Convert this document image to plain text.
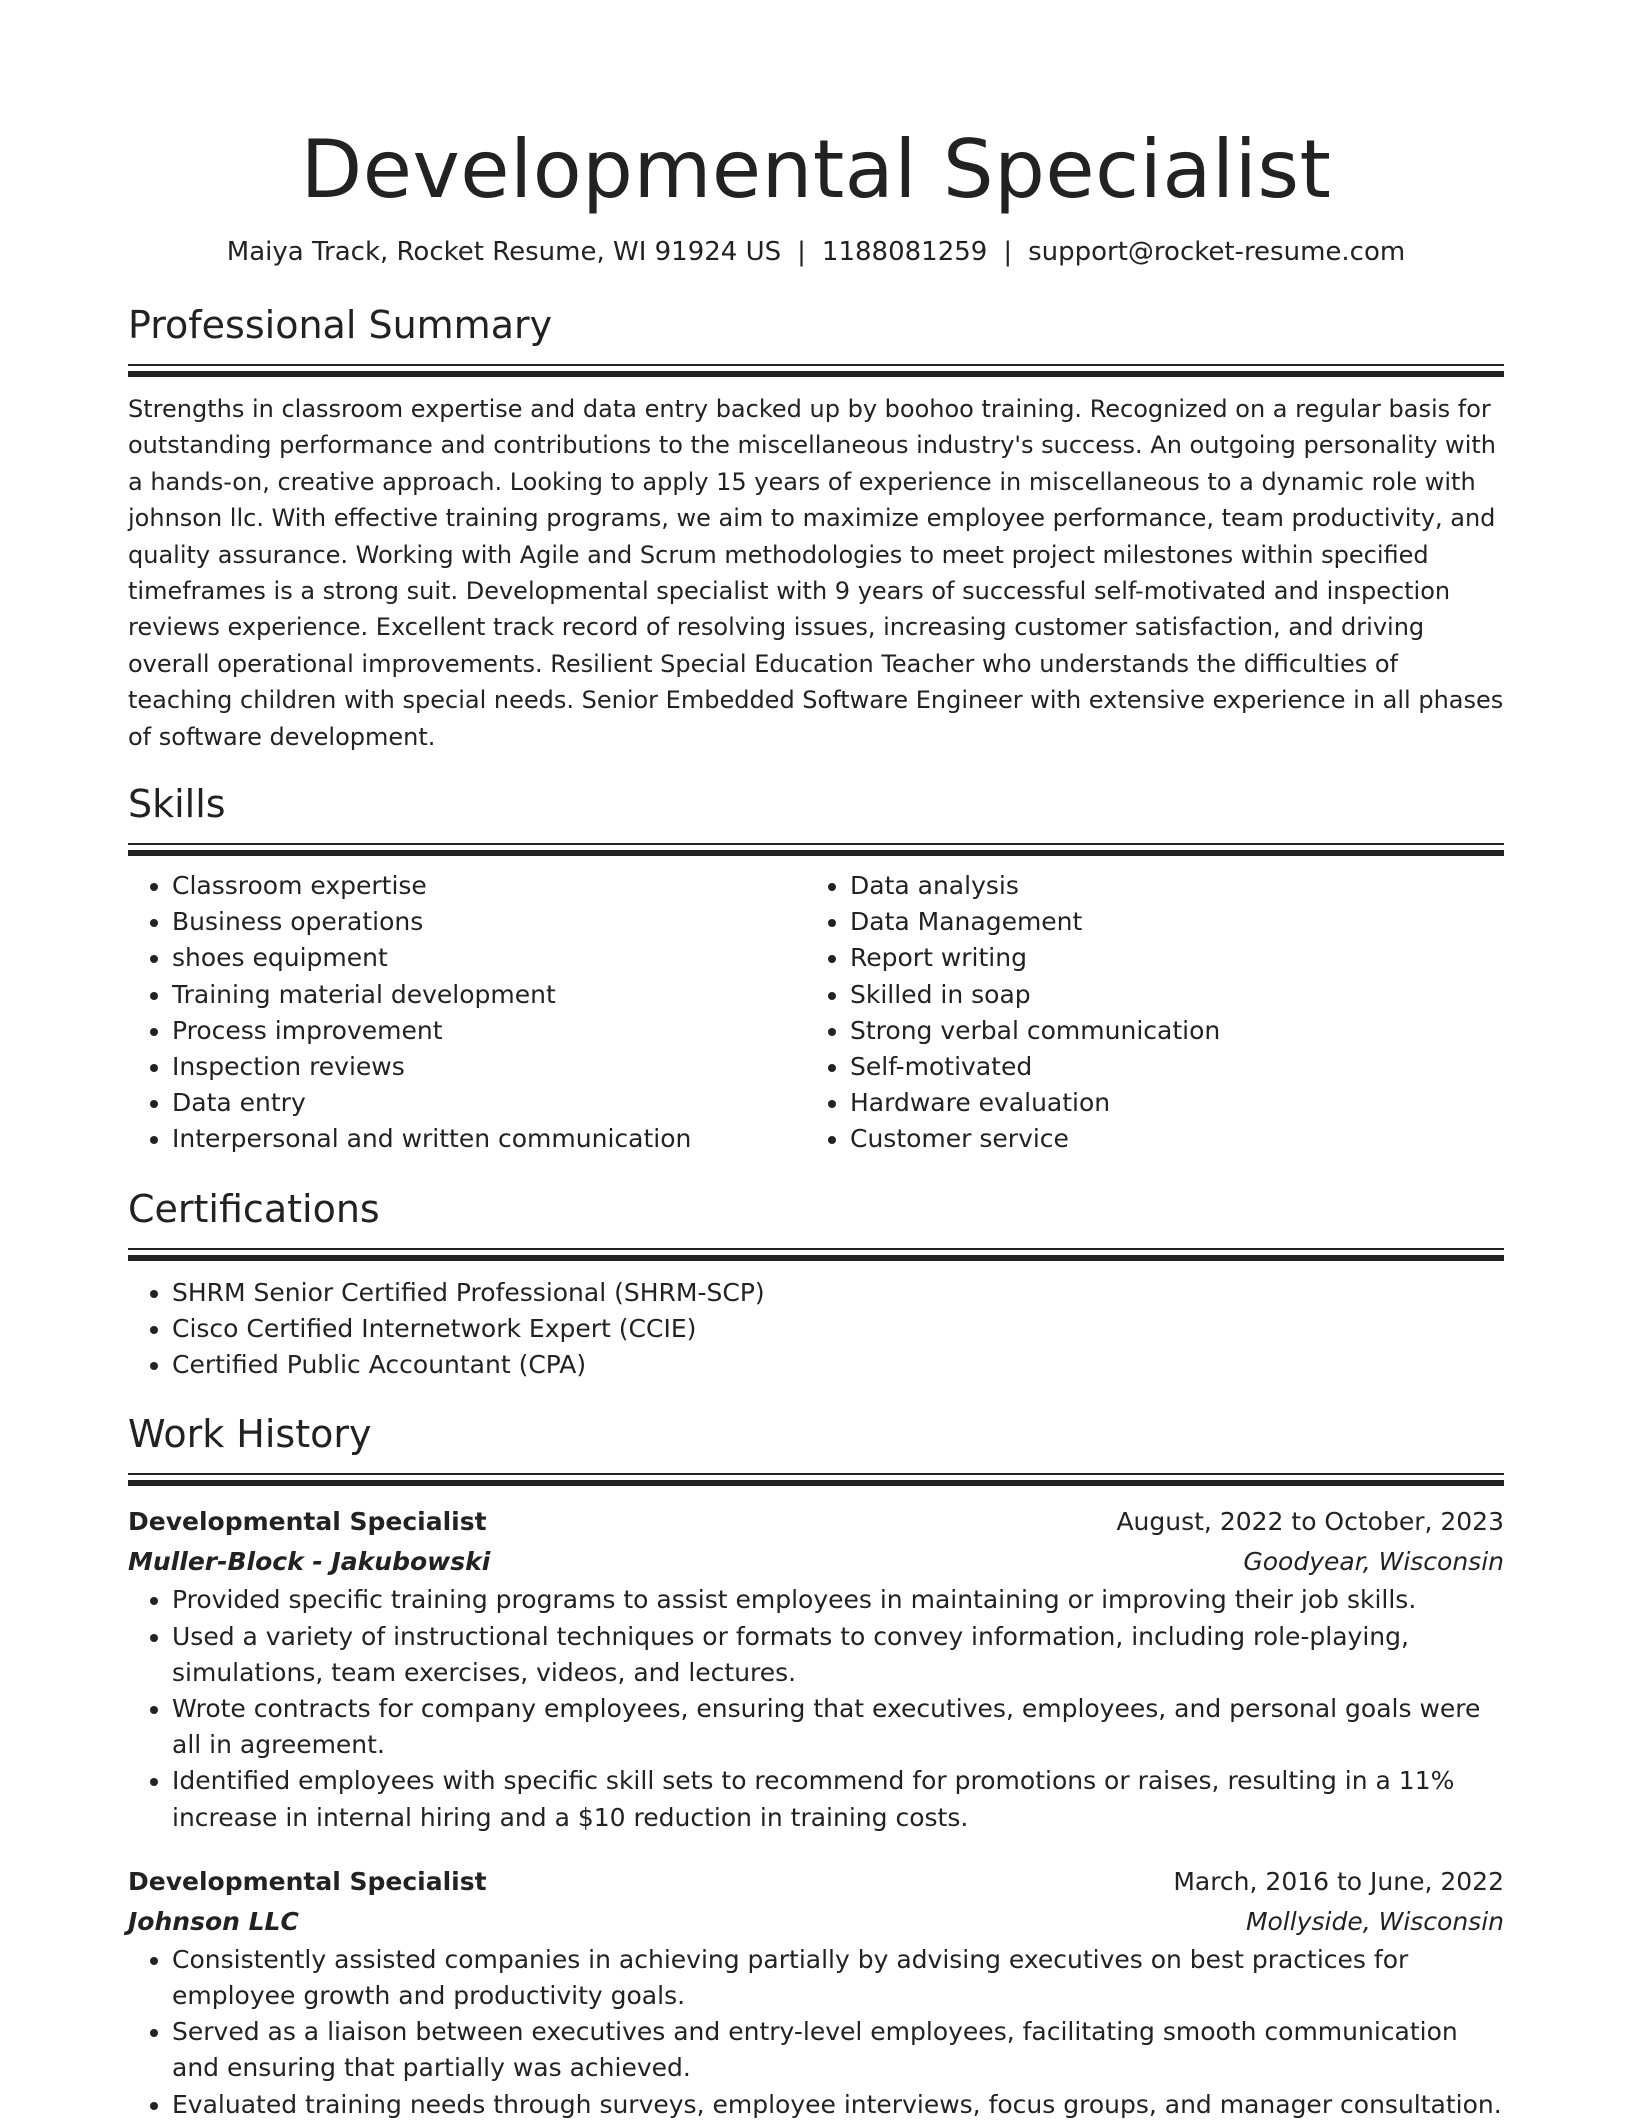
Developmental Specialist
Maiya Track, Rocket Resume, WI 91924 US | 1188081259 | support@rocket-resume.com
Professional Summary

Strengths in classroom expertise and data entry backed up by boohoo training. Recognized on a regular basis for outstanding performance and contributions to the miscellaneous industry's success. An outgoing personality with a hands-on, creative approach. Looking to apply 15 years of experience in miscellaneous to a dynamic role with johnson llc. With effective training programs, we aim to maximize employee performance, team productivity, and quality assurance. Working with Agile and Scrum methodologies to meet project milestones within specified timeframes is a strong suit. Developmental specialist with 9 years of successful self-motivated and inspection reviews experience. Excellent track record of resolving issues, increasing customer satisfaction, and driving overall operational improvements. Resilient Special Education Teacher who understands the difficulties of teaching children with special needs. Senior Embedded Software Engineer with extensive experience in all phases of software development.

Skills
• Classroom expertise
• Business operations
• shoes equipment
• Training material development
• Process improvement
• Inspection reviews
• Data entry
• Interpersonal and written communication
• Data analysis
• Data Management
• Report writing
• Skilled in soap
• Strong verbal communication
• Self-motivated
• Hardware evaluation
• Customer service
Certifications
• SHRM Senior Certified Professional (SHRM-SCP)
• Cisco Certified Internetwork Expert (CCIE)
• Certified Public Accountant (CPA)
Work History
Developmental Specialist	August, 2022 to October, 2023
Muller-Block - Jakubowski	Goodyear, Wisconsin
• Provided specific training programs to assist employees in maintaining or improving their job skills.
• Used a variety of instructional techniques or formats to convey information, including role-playing, simulations, team exercises, videos, and lectures.
• Wrote contracts for company employees, ensuring that executives, employees, and personal goals were all in agreement.
• Identified employees with specific skill sets to recommend for promotions or raises, resulting in a 11% increase in internal hiring and a $10 reduction in training costs.
Developmental Specialist	March, 2016 to June, 2022
Johnson LLC	Mollyside, Wisconsin
• Consistently assisted companies in achieving partially by advising executives on best practices for employee growth and productivity goals.
• Served as a liaison between executives and entry-level employees, facilitating smooth communication and ensuring that partially was achieved.
• Evaluated training needs through surveys, employee interviews, focus groups, and manager consultation.
